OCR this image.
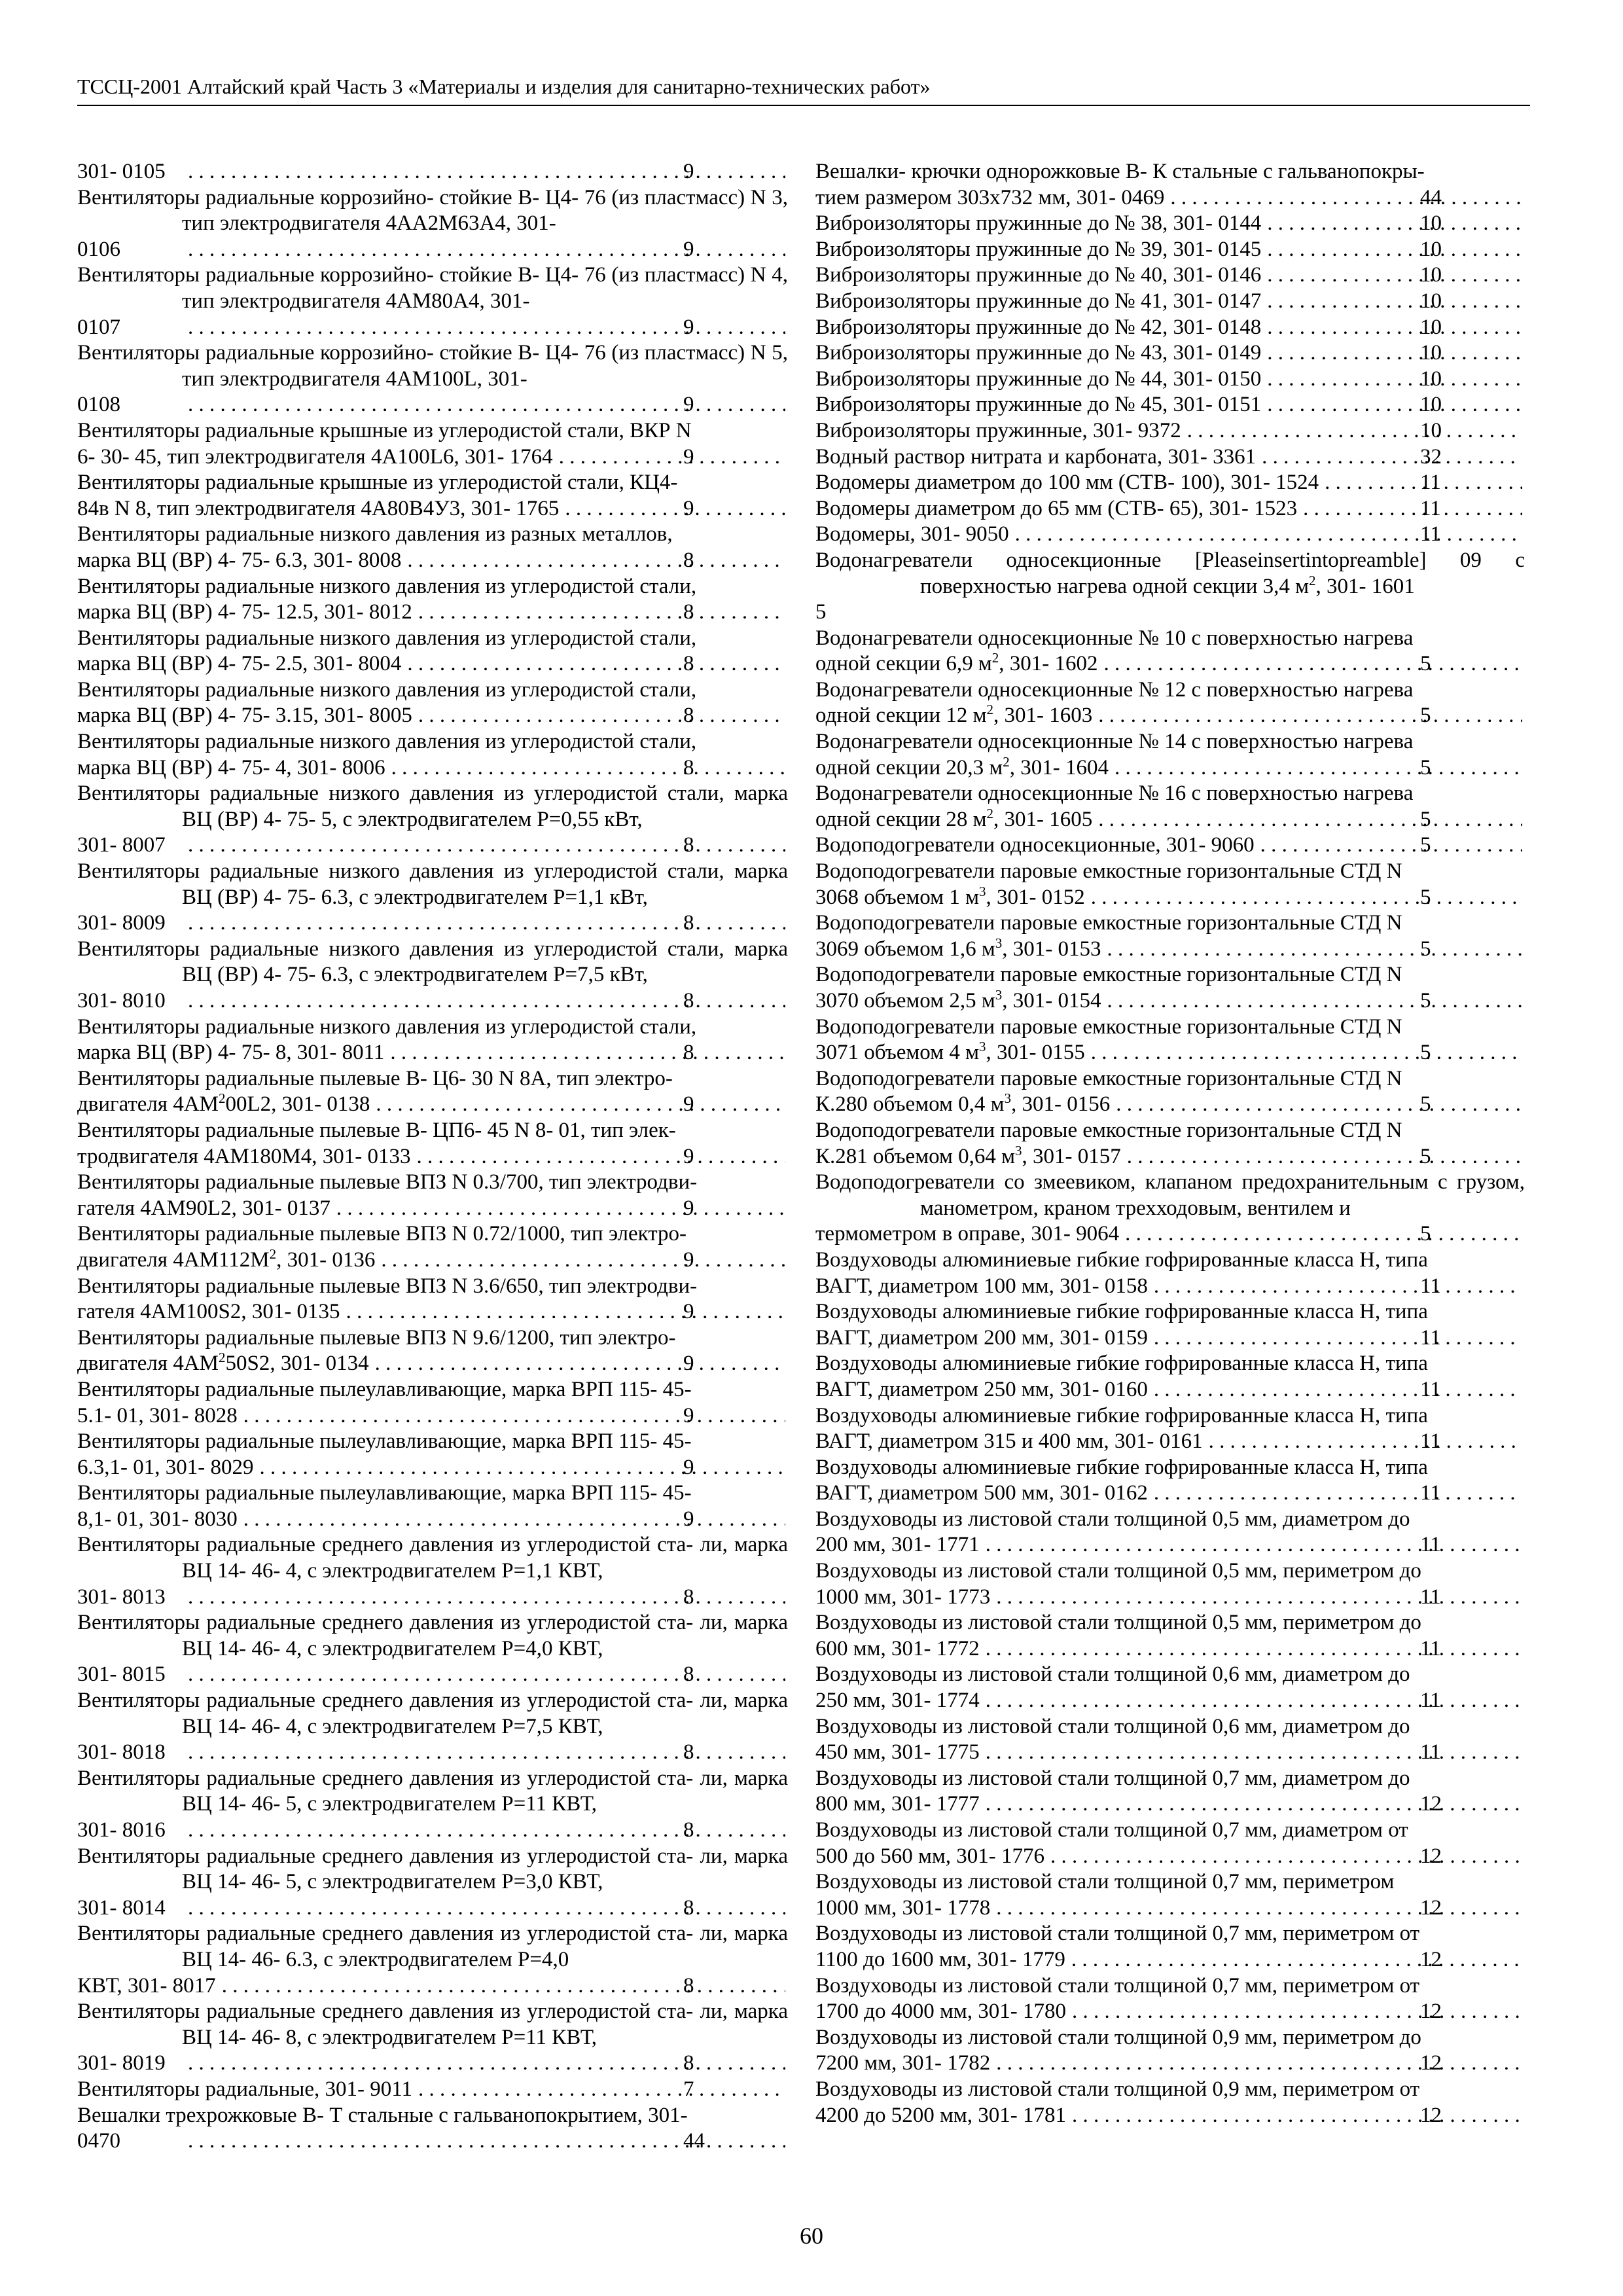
ТССЦ-2001 Алтайский край Часть 3 «Материалы и изделия для санитарно-технических работ»
301- 0105 . . .	9
Вентиляторы радиальные коррозийно- стойкие В- Ц4- 76 (из пластмасс) N 3, тип электродвигателя 4АА2М63А4, 301-
0106 . . .	9
Вентиляторы радиальные коррозийно- стойкие В- Ц4- 76 (из пластмасс) N 4, тип электродвигателя 4АМ80А4, 301-
0107 . . .	9
Вентиляторы радиальные коррозийно- стойкие В- Ц4- 76 (из пластмасс) N 5, тип электродвигателя 4АМ100L, 301-
0108 . . .	9
Вентиляторы радиальные крышные из углеродистой стали, ВКР N
6- 30- 45, тип электродвигателя 4А100L6, 301- 1764 . . .	9
Вентиляторы радиальные крышные из углеродистой стали, КЦ4-
84в N 8, тип электродвигателя 4А80В4У3, 301- 1765 . . .	9
Вентиляторы радиальные низкого давления из разных металлов,
марка ВЦ (ВР) 4- 75- 6.3, 301- 8008 . . .	8
Вентиляторы радиальные низкого давления из углеродистой стали,
марка ВЦ (ВР) 4- 75- 12.5, 301- 8012 . . .	8
Вентиляторы радиальные низкого давления из углеродистой стали,
марка ВЦ (ВР) 4- 75- 2.5, 301- 8004 . . .	8
Вентиляторы радиальные низкого давления из углеродистой стали,
марка ВЦ (ВР) 4- 75- 3.15, 301- 8005 . . .	8
Вентиляторы радиальные низкого давления из углеродистой стали,
марка ВЦ (ВР) 4- 75- 4, 301- 8006 . . .	8
Вентиляторы радиальные низкого давления из углеродистой стали, марка ВЦ (ВР) 4- 75- 5, с электродвигателем Р=0,55 кВт,
301- 8007 . . .	8
Вентиляторы радиальные низкого давления из углеродистой стали, марка ВЦ (ВР) 4- 75- 6.3, с электродвигателем Р=1,1 кВт,
301- 8009 . . .	8
Вентиляторы радиальные низкого давления из углеродистой стали, марка ВЦ (ВР) 4- 75- 6.3, с электродвигателем Р=7,5 кВт,
301- 8010 . . .	8
Вентиляторы радиальные низкого давления из углеродистой стали,
марка ВЦ (ВР) 4- 75- 8, 301- 8011 . . .	8
Вентиляторы радиальные пылевые В- Ц6- 30 N 8А, тип электро-
двигателя $4АМ^200L2$, 301- 0138 . . .	9
Вентиляторы радиальные пылевые В- ЦП6- 45 N 8- 01, тип элек-
тродвигателя 4АМ180М4, 301- 0133 . . .	9
Вентиляторы радиальные пылевые ВПЗ N 0.3/700, тип электродви-
гателя 4АМ90L2, 301- 0137 . . .	9
Вентиляторы радиальные пылевые ВПЗ N 0.72/1000, тип электро-
двигателя $4АМ112М^2$, 301- 0136 . . .	9
Вентиляторы радиальные пылевые ВПЗ N 3.6/650, тип электродви-
гателя 4АМ100S2, 301- 0135 . . .	9
Вентиляторы радиальные пылевые ВПЗ N 9.6/1200, тип электро-
двигателя $4АМ^250S2$, 301- 0134 . . .	9
Вентиляторы радиальные пылеулавливающие, марка ВРП 115- 45-
5.1- 01, 301- 8028 . . .	9
Вентиляторы радиальные пылеулавливающие, марка ВРП 115- 45-
6.3,1- 01, 301- 8029 . . .	9
Вентиляторы радиальные пылеулавливающие, марка ВРП 115- 45-
8,1- 01, 301- 8030 . . .	9
Вентиляторы радиальные среднего давления из углеродистой ста- ли, марка ВЦ 14- 46- 4, с электродвигателем Р=1,1 КВТ,
301- 8013 . . .	8
Вентиляторы радиальные среднего давления из углеродистой ста- ли, марка ВЦ 14- 46- 4, с электродвигателем Р=4,0 КВТ,
301- 8015 . . .	8
Вентиляторы радиальные среднего давления из углеродистой ста- ли, марка ВЦ 14- 46- 4, с электродвигателем Р=7,5 КВТ,
301- 8018 . . .	8
Вентиляторы радиальные среднего давления из углеродистой ста- ли, марка ВЦ 14- 46- 5, с электродвигателем Р=11 КВТ,
301- 8016 . . .	8
Вентиляторы радиальные среднего давления из углеродистой ста- ли, марка ВЦ 14- 46- 5, с электродвигателем Р=3,0 КВТ,
301- 8014 . . .	8
Вентиляторы радиальные среднего давления из углеродистой ста- ли, марка ВЦ 14- 46- 6.3, с электродвигателем Р=4,0
КВТ, 301- 8017 . . .	8
Вентиляторы радиальные среднего давления из углеродистой ста- ли, марка ВЦ 14- 46- 8, с электродвигателем Р=11 КВТ,
301- 8019 . . .	8
Вентиляторы радиальные, 301- 9011 . . .	7
Вешалки трехрожковые В- Т стальные с гальванопокрытием, 301-
0470 . . .	44
Вешалки- крючки однорожковые В- К стальные с гальванопокры-
тием размером 303х732 мм, 301- 0469 . . .	44
Виброизоляторы пружинные до № 38, 301- 0144 . . .	10
Виброизоляторы пружинные до № 39, 301- 0145 . . .	10
Виброизоляторы пружинные до № 40, 301- 0146 . . .	10
Виброизоляторы пружинные до № 41, 301- 0147 . . .	10
Виброизоляторы пружинные до № 42, 301- 0148 . . .	10
Виброизоляторы пружинные до № 43, 301- 0149 . . .	10
Виброизоляторы пружинные до № 44, 301- 0150 . . .	10
Виброизоляторы пружинные до № 45, 301- 0151 . . .	10
Виброизоляторы пружинные, 301- 9372 . . .	10
Водный раствор нитрата и карбоната, 301- 3361 . . .	32
Водомеры диаметром до 100 мм (СТВ- 100), 301- 1524 . . .	11
Водомеры диаметром до 65 мм (СТВ- 65), 301- 1523 . . .	11
Водомеры, 301- 9050 . . .	11
Водонагреватели односекционные [Pleaseinsertintopreamble] 09 с поверхностью нагрева одной секции 3,4 $м^2$, 301- 1601
5
Водонагреватели односекционные № 10 с поверхностью нагрева
одной секции 6,9 $м^2$, 301- 1602 . . .	5
Водонагреватели односекционные № 12 с поверхностью нагрева
одной секции 12 $м^2$, 301- 1603 . . .	5
Водонагреватели односекционные № 14 с поверхностью нагрева
одной секции 20,3 $м^2$, 301- 1604 . . .	5
Водонагреватели односекционные № 16 с поверхностью нагрева
одной секции 28 $м^2$, 301- 1605 . . .	5
Водоподогреватели односекционные, 301- 9060 . . .	5
Водоподогреватели паровые емкостные горизонтальные СТД N
3068 объемом 1 $м^3$, 301- 0152 . . .	5
Водоподогреватели паровые емкостные горизонтальные СТД N
3069 объемом 1,6 $м^3$, 301- 0153 . . .	5
Водоподогреватели паровые емкостные горизонтальные СТД N
3070 объемом 2,5 $м^3$, 301- 0154 . . .	5
Водоподогреватели паровые емкостные горизонтальные СТД N
3071 объемом 4 $м^3$, 301- 0155 . . .	5
Водоподогреватели паровые емкостные горизонтальные СТД N
К.280 объемом 0,4 $м^3$, 301- 0156 . . .	5
Водоподогреватели паровые емкостные горизонтальные СТД N
К.281 объемом 0,64 $м^3$, 301- 0157 . . .	5
Водоподогреватели со змеевиком, клапаном предохранительным с грузом, манометром, краном трехходовым, вентилем и
термометром в оправе, 301- 9064 . . .	5
Воздуховоды алюминиевые гибкие гофрированные класса Н, типа
ВАГТ, диаметром 100 мм, 301- 0158 . . .	11
Воздуховоды алюминиевые гибкие гофрированные класса Н, типа
ВАГТ, диаметром 200 мм, 301- 0159 . . .	11
Воздуховоды алюминиевые гибкие гофрированные класса Н, типа
ВАГТ, диаметром 250 мм, 301- 0160 . . .	11
Воздуховоды алюминиевые гибкие гофрированные класса Н, типа
ВАГТ, диаметром 315 и 400 мм, 301- 0161 . . .	11
Воздуховоды алюминиевые гибкие гофрированные класса Н, типа
ВАГТ, диаметром 500 мм, 301- 0162 . . .	11
Воздуховоды из листовой стали толщиной 0,5 мм, диаметром до
200 мм, 301- 1771 . . .	11
Воздуховоды из листовой стали толщиной 0,5 мм, периметром до
1000 мм, 301- 1773 . . .	11
Воздуховоды из листовой стали толщиной 0,5 мм, периметром до
600 мм, 301- 1772 . . .	11
Воздуховоды из листовой стали толщиной 0,6 мм, диаметром до
250 мм, 301- 1774 . . .	11
Воздуховоды из листовой стали толщиной 0,6 мм, диаметром до
450 мм, 301- 1775 . . .	11
Воздуховоды из листовой стали толщиной 0,7 мм, диаметром до
800 мм, 301- 1777 . . .	12
Воздуховоды из листовой стали толщиной 0,7 мм, диаметром от
500 до 560 мм, 301- 1776 . . .	12
Воздуховоды из листовой стали толщиной 0,7 мм, периметром
1000 мм, 301- 1778 . . .	12
Воздуховоды из листовой стали толщиной 0,7 мм, периметром от
1100 до 1600 мм, 301- 1779 . . .	12
Воздуховоды из листовой стали толщиной 0,7 мм, периметром от
1700 до 4000 мм, 301- 1780 . . .	12
Воздуховоды из листовой стали толщиной 0,9 мм, периметром до
7200 мм, 301- 1782 . . .	12
Воздуховоды из листовой стали толщиной 0,9 мм, периметром от
4200 до 5200 мм, 301- 1781 . . .	12
60
